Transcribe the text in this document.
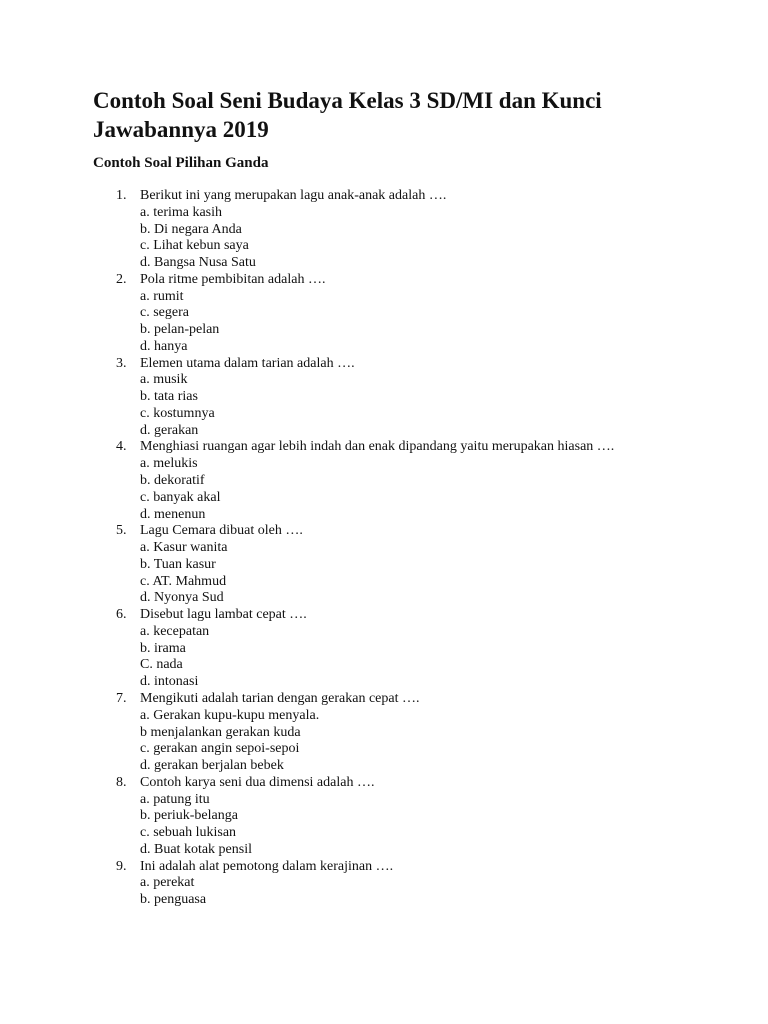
Contoh Soal Seni Budaya Kelas 3 SD/MI dan Kunci Jawabannya 2019
Contoh Soal Pilihan Ganda
1. Berikut ini yang merupakan lagu anak-anak adalah ….
a. terima kasih
b. Di negara Anda
c. Lihat kebun saya
d. Bangsa Nusa Satu
2. Pola ritme pembibitan adalah ….
a. rumit
c. segera
b. pelan-pelan
d. hanya
3. Elemen utama dalam tarian adalah ….
a. musik
b. tata rias
c. kostumnya
d. gerakan
4. Menghiasi ruangan agar lebih indah dan enak dipandang yaitu merupakan hiasan ….
a. melukis
b. dekoratif
c. banyak akal
d. menenun
5. Lagu Cemara dibuat oleh ….
a. Kasur wanita
b. Tuan kasur
c. AT. Mahmud
d. Nyonya Sud
6. Disebut lagu lambat cepat ….
a. kecepatan
b. irama
C. nada
d. intonasi
7. Mengikuti adalah tarian dengan gerakan cepat ….
a. Gerakan kupu-kupu menyala.
b menjalankan gerakan kuda
c. gerakan angin sepoi-sepoi
d. gerakan berjalan bebek
8. Contoh karya seni dua dimensi adalah ….
a. patung itu
b. periuk-belanga
c. sebuah lukisan
d. Buat kotak pensil
9. Ini adalah alat pemotong dalam kerajinan ….
a. perekat
b. penguasa
